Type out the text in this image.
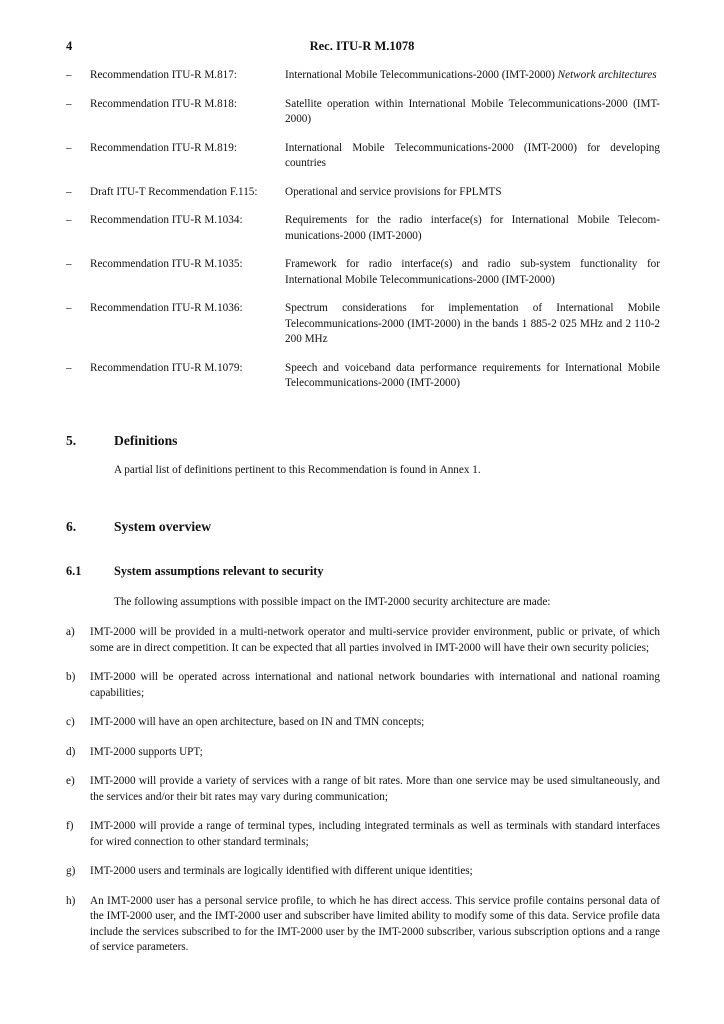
4	Rec. ITU-R M.1078
–	Recommendation ITU-R M.817:	International Mobile Telecommunications-2000 (IMT-2000) Network architectures
–	Recommendation ITU-R M.818:	Satellite operation within International Mobile Telecommunications-2000 (IMT-2000)
–	Recommendation ITU-R M.819:	International Mobile Telecommunications-2000 (IMT-2000) for developing countries
–	Draft ITU-T Recommendation F.115:	Operational and service provisions for FPLMTS
–	Recommendation ITU-R M.1034:	Requirements for the radio interface(s) for International Mobile Telecom-munications-2000 (IMT-2000)
–	Recommendation ITU-R M.1035:	Framework for radio interface(s) and radio sub-system functionality for International Mobile Telecommunications-2000 (IMT-2000)
–	Recommendation ITU-R M.1036:	Spectrum considerations for implementation of International Mobile Telecommunications-2000 (IMT-2000) in the bands 1 885-2 025 MHz and 2 110-2 200 MHz
–	Recommendation ITU-R M.1079:	Speech and voiceband data performance requirements for International Mobile Telecommunications-2000 (IMT-2000)
5.	Definitions
A partial list of definitions pertinent to this Recommendation is found in Annex 1.
6.	System overview
6.1	System assumptions relevant to security
The following assumptions with possible impact on the IMT-2000 security architecture are made:
a)	IMT-2000 will be provided in a multi-network operator and multi-service provider environment, public or private, of which some are in direct competition. It can be expected that all parties involved in IMT-2000 will have their own security policies;
b)	IMT-2000 will be operated across international and national network boundaries with international and national roaming capabilities;
c)	IMT-2000 will have an open architecture, based on IN and TMN concepts;
d)	IMT-2000 supports UPT;
e)	IMT-2000 will provide a variety of services with a range of bit rates. More than one service may be used simultaneously, and the services and/or their bit rates may vary during communication;
f)	IMT-2000 will provide a range of terminal types, including integrated terminals as well as terminals with standard interfaces for wired connection to other standard terminals;
g)	IMT-2000 users and terminals are logically identified with different unique identities;
h)	An IMT-2000 user has a personal service profile, to which he has direct access. This service profile contains personal data of the IMT-2000 user, and the IMT-2000 user and subscriber have limited ability to modify some of this data. Service profile data include the services subscribed to for the IMT-2000 user by the IMT-2000 subscriber, various subscription options and a range of service parameters.
